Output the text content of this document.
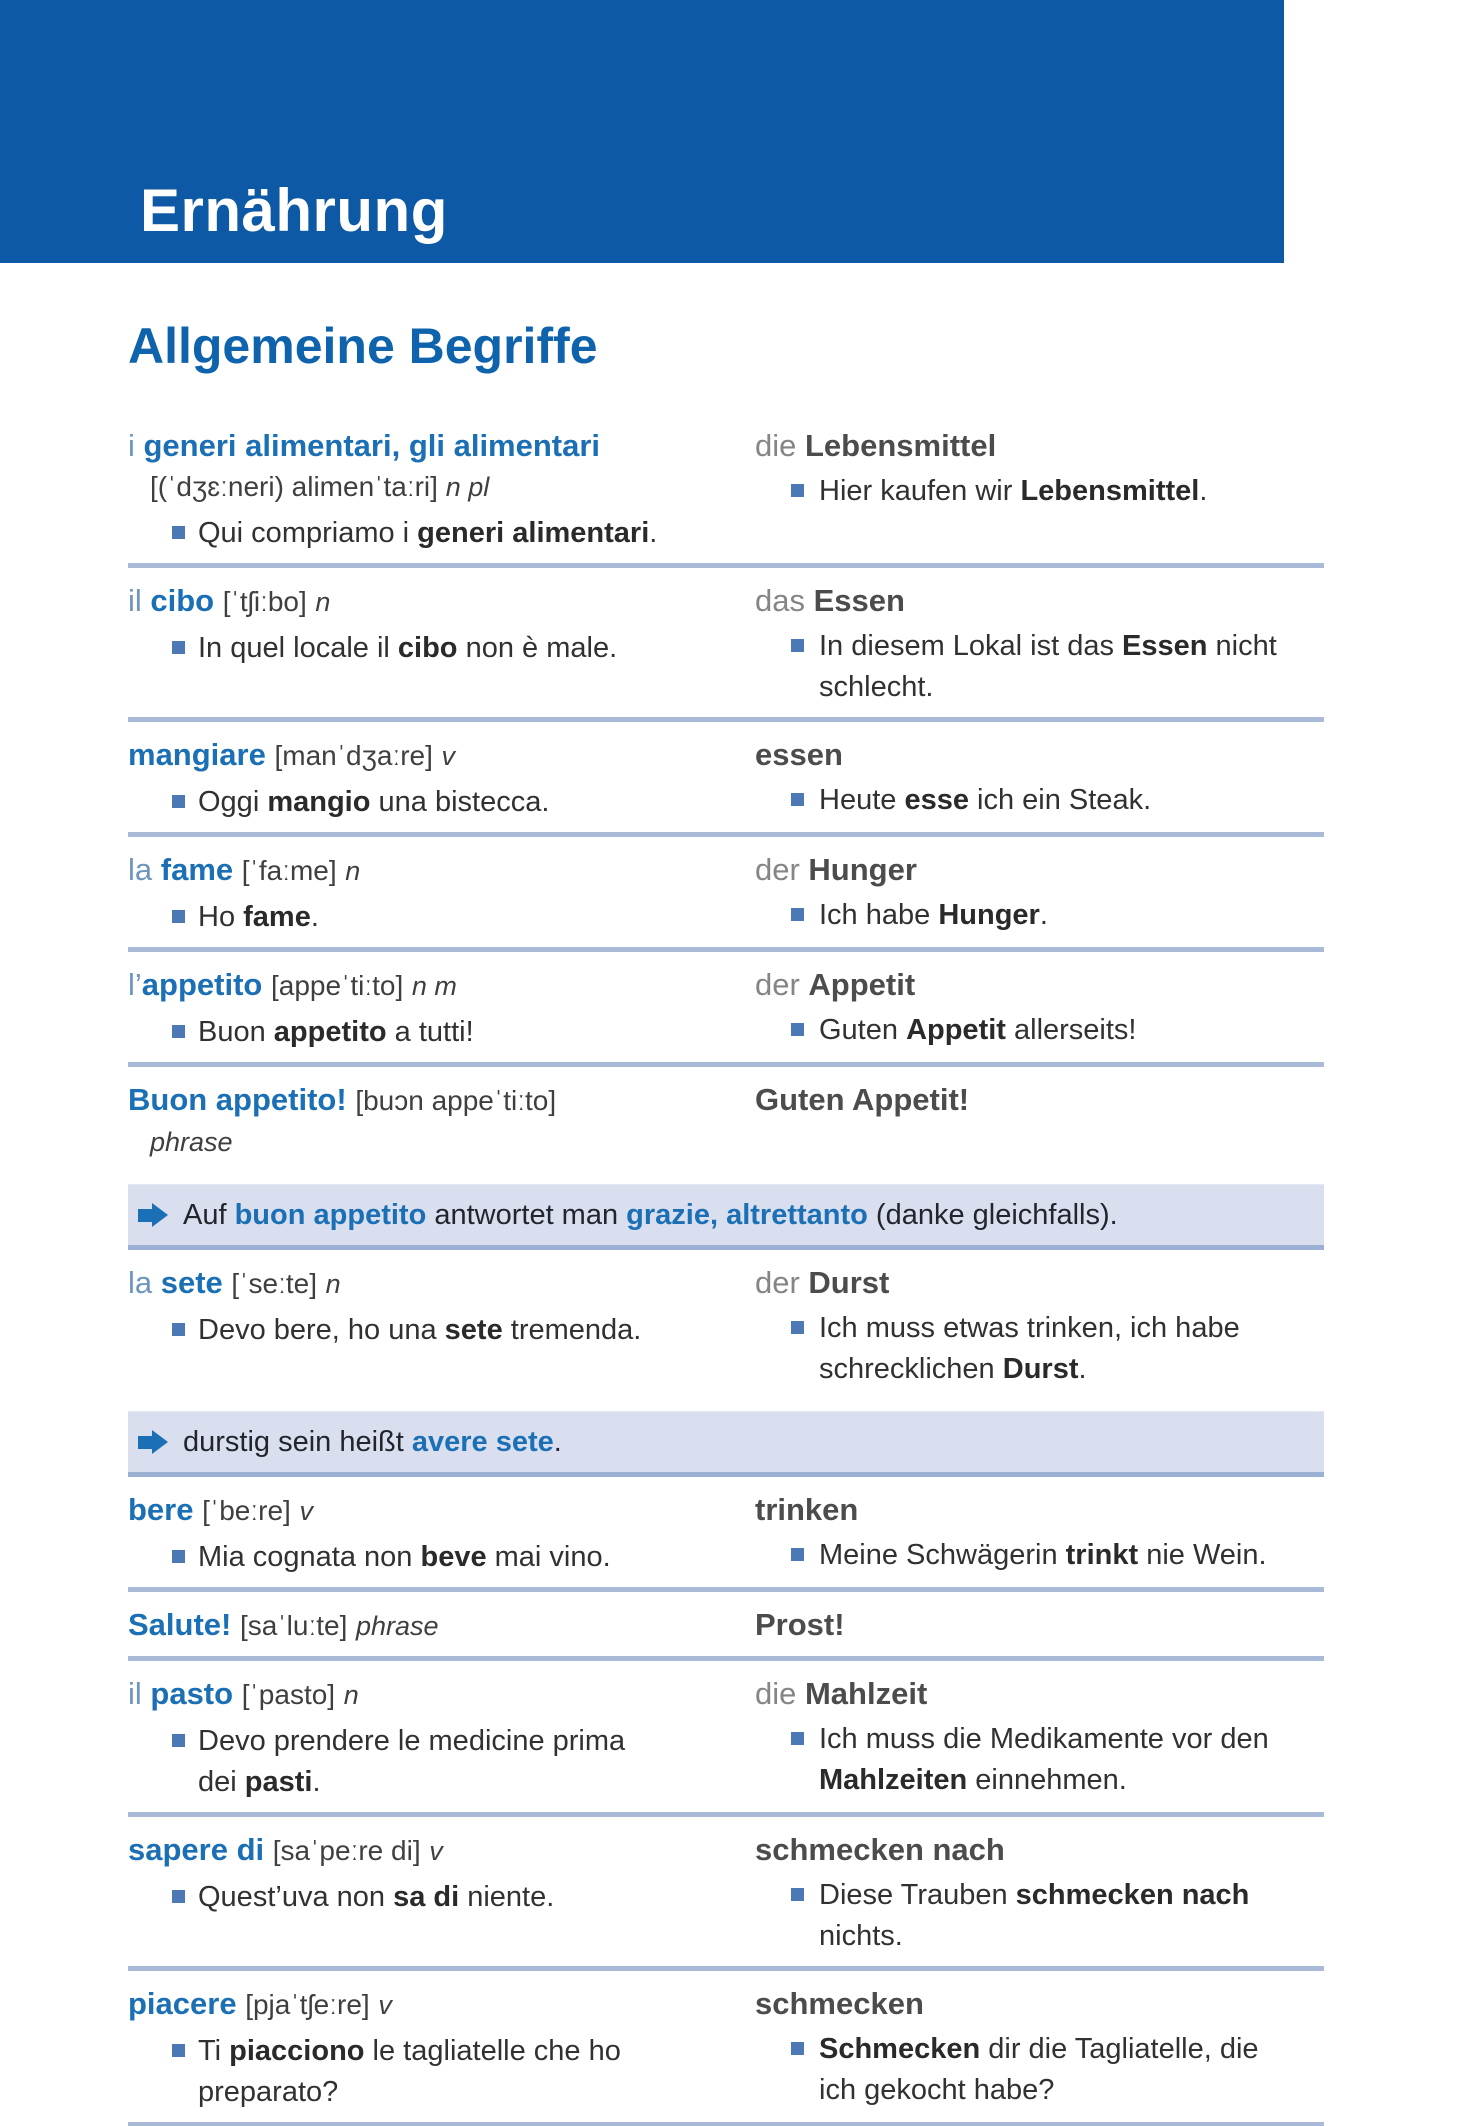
Ernährung
Allgemeine Begriffe
i generi alimentari, gli alimentari
[(ˈdʒɛːneri) alimenˈtaːri] n pl
Qui compriamo i generi alimentari.
die Lebensmittel
Hier kaufen wir Lebensmittel.
il cibo [ˈtʃiːbo] n
In quel locale il cibo non è male.
das Essen
In diesem Lokal ist das Essen nicht
schlecht.
mangiare [manˈdʒaːre] v
Oggi mangio una bistecca.
essen
Heute esse ich ein Steak.
la fame [ˈfaːme] n
Ho fame.
der Hunger
Ich habe Hunger.
l’appetito [appeˈtiːto] n m
Buon appetito a tutti!
der Appetit
Guten Appetit allerseits!
Buon appetito! [buɔn appeˈtiːto]
phrase
Guten Appetit!

Auf buon appetito antwortet man grazie, altrettanto (danke gleichfalls).

la sete [ˈseːte] n
Devo bere, ho una sete tremenda.
der Durst
Ich muss etwas trinken, ich habe
schrecklichen Durst.

durstig sein heißt avere sete.

bere [ˈbeːre] v
Mia cognata non beve mai vino.
trinken
Meine Schwägerin trinkt nie Wein.
Salute! [saˈluːte] phrase	Prost!
il pasto [ˈpasto] n
Devo prendere le medicine prima
dei pasti.
die Mahlzeit
Ich muss die Medikamente vor den
Mahlzeiten einnehmen.
sapere di [saˈpeːre di] v
Quest’uva non sa di niente.
schmecken nach
Diese Trauben schmecken nach
nichts.
piacere [pjaˈtʃeːre] v
Ti piacciono le tagliatelle che ho
preparato?
schmecken
Schmecken dir die Tagliatelle, die
ich gekocht habe?
